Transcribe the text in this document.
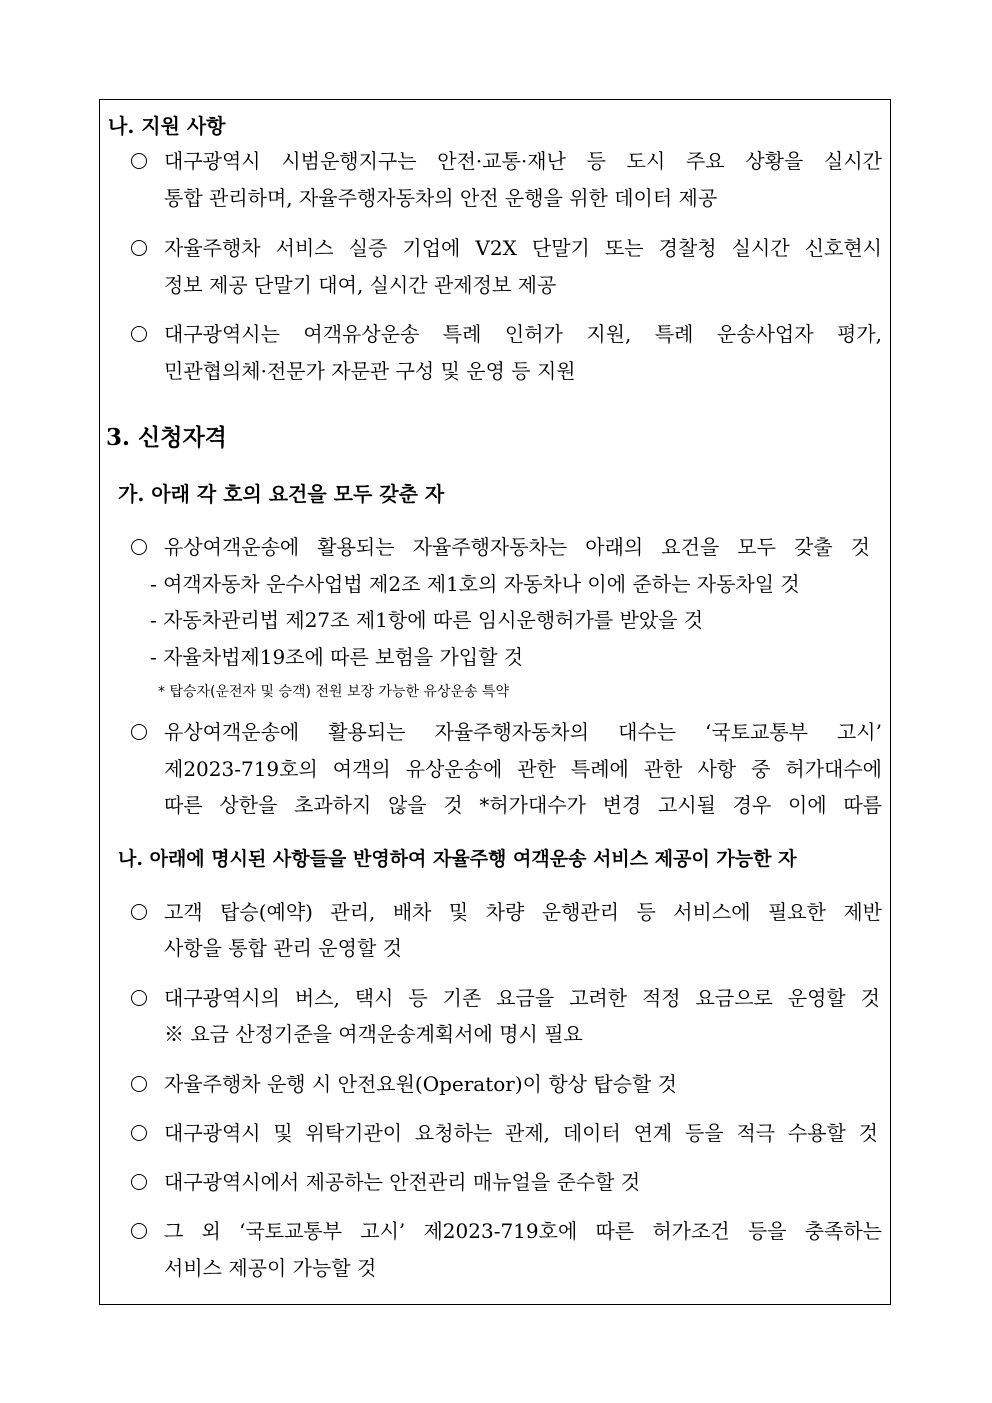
나. 지원 사항
대구광역시 시범운행지구는 안전·교통·재난 등 도시 주요 상황을 실시간
통합 관리하며, 자율주행자동차의 안전 운행을 위한 데이터 제공
자율주행차 서비스 실증 기업에 V2X 단말기 또는 경찰청 실시간 신호현시
정보 제공 단말기 대여, 실시간 관제정보 제공
대구광역시는 여객유상운송 특례 인허가 지원, 특례 운송사업자 평가,
민관협의체·전문가 자문관 구성 및 운영 등 지원
3. 신청자격
가. 아래 각 호의 요건을 모두 갖춘 자
유상여객운송에 활용되는 자율주행자동차는 아래의 요건을 모두 갖출 것
- 여객자동차 운수사업법 제2조 제1호의 자동차나 이에 준하는 자동차일 것
- 자동차관리법 제27조 제1항에 따른 임시운행허가를 받았을 것
- 자율차법제19조에 따른 보험을 가입할 것
* 탑승자(운전자 및 승객) 전원 보장 가능한 유상운송 특약
유상여객운송에 활용되는 자율주행자동차의 대수는 ‘국토교통부 고시’
제2023-719호의 여객의 유상운송에 관한 특례에 관한 사항 중 허가대수에
따른 상한을 초과하지 않을 것 *허가대수가 변경 고시될 경우 이에 따름
나. 아래에 명시된 사항들을 반영하여 자율주행 여객운송 서비스 제공이 가능한 자
고객 탑승(예약) 관리, 배차 및 차량 운행관리 등 서비스에 필요한 제반
사항을 통합 관리 운영할 것
대구광역시의 버스, 택시 등 기존 요금을 고려한 적정 요금으로 운영할 것
※ 요금 산정기준을 여객운송계획서에 명시 필요
자율주행차 운행 시 안전요원(Operator)이 항상 탑승할 것
대구광역시 및 위탁기관이 요청하는 관제, 데이터 연계 등을 적극 수용할 것
대구광역시에서 제공하는 안전관리 매뉴얼을 준수할 것
그 외 ‘국토교통부 고시’ 제2023-719호에 따른 허가조건 등을 충족하는
서비스 제공이 가능할 것
